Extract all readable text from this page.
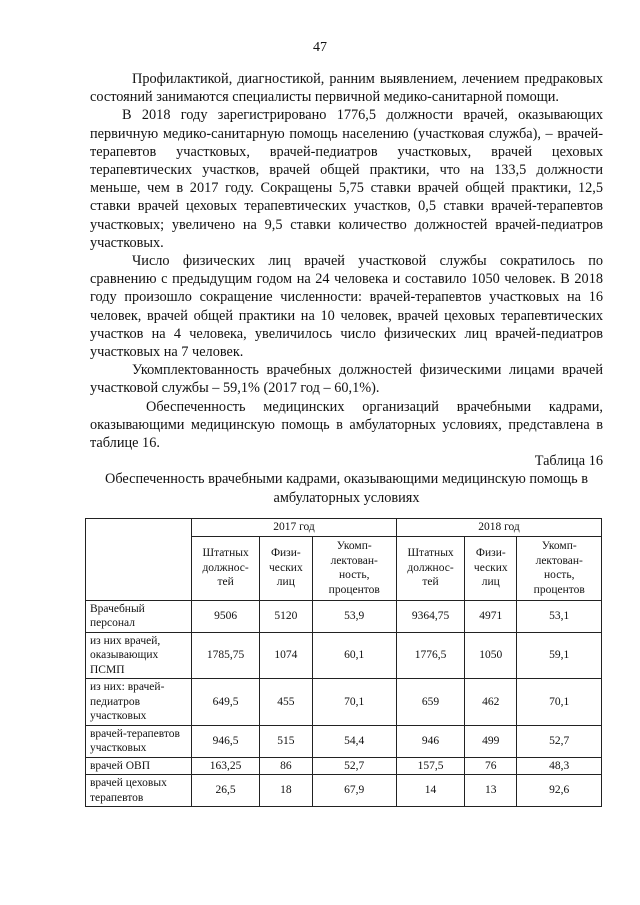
47

Профилактикой, диагностикой, ранним выявлением, лечением предраковых состояний занимаются специалисты первичной медико-санитарной помощи.

В 2018 году зарегистрировано 1776,5 должности врачей, оказывающих первичную медико-санитарную помощь населению (участковая служба), – врачей-терапевтов участковых, врачей-педиатров участковых, врачей цеховых терапевтических участков, врачей общей практики, что на 133,5 должности меньше, чем в 2017 году. Сокращены 5,75 ставки врачей общей практики, 12,5 ставки врачей цеховых терапевтических участков, 0,5 ставки врачей-терапевтов участковых; увеличено на 9,5 ставки количество должностей врачей-педиатров участковых.

Число физических лиц врачей участковой службы сократилось по сравнению с предыдущим годом на 24 человека и составило 1050 человек. В 2018 году произошло сокращение численности: врачей-терапевтов участковых на 16 человек, врачей общей практики на 10 человек, врачей цеховых терапевтических участков на 4 человека, увеличилось число физических лиц врачей-педиатров участковых на 7 человек.

Укомплектованность врачебных должностей физическими лицами врачей участковой службы – 59,1% (2017 год – 60,1%).

Обеспеченность медицинских организаций врачебными кадрами, оказывающими медицинскую помощь в амбулаторных условиях, представлена в таблице 16.

Таблица 16

Обеспеченность врачебными кадрами, оказывающими медицинскую помощь в амбулаторных условиях

	2017 год			2018 год		
	Штатных должнос-тей	Физи-ческих лиц	Укомп-лектован-ность, процентов	Штатных должнос-тей	Физи-ческих лиц	Укомп-лектован-ность, процентов
Врачебный персонал	9506	5120	53,9	9364,75	4971	53,1
из них врачей, оказывающих ПСМП	1785,75	1074	60,1	1776,5	1050	59,1
из них: врачей-педиатров участковых	649,5	455	70,1	659	462	70,1
врачей-терапевтов участковых	946,5	515	54,4	946	499	52,7
врачей ОВП	163,25	86	52,7	157,5	76	48,3
врачей цеховых терапевтов	26,5	18	67,9	14	13	92,6
